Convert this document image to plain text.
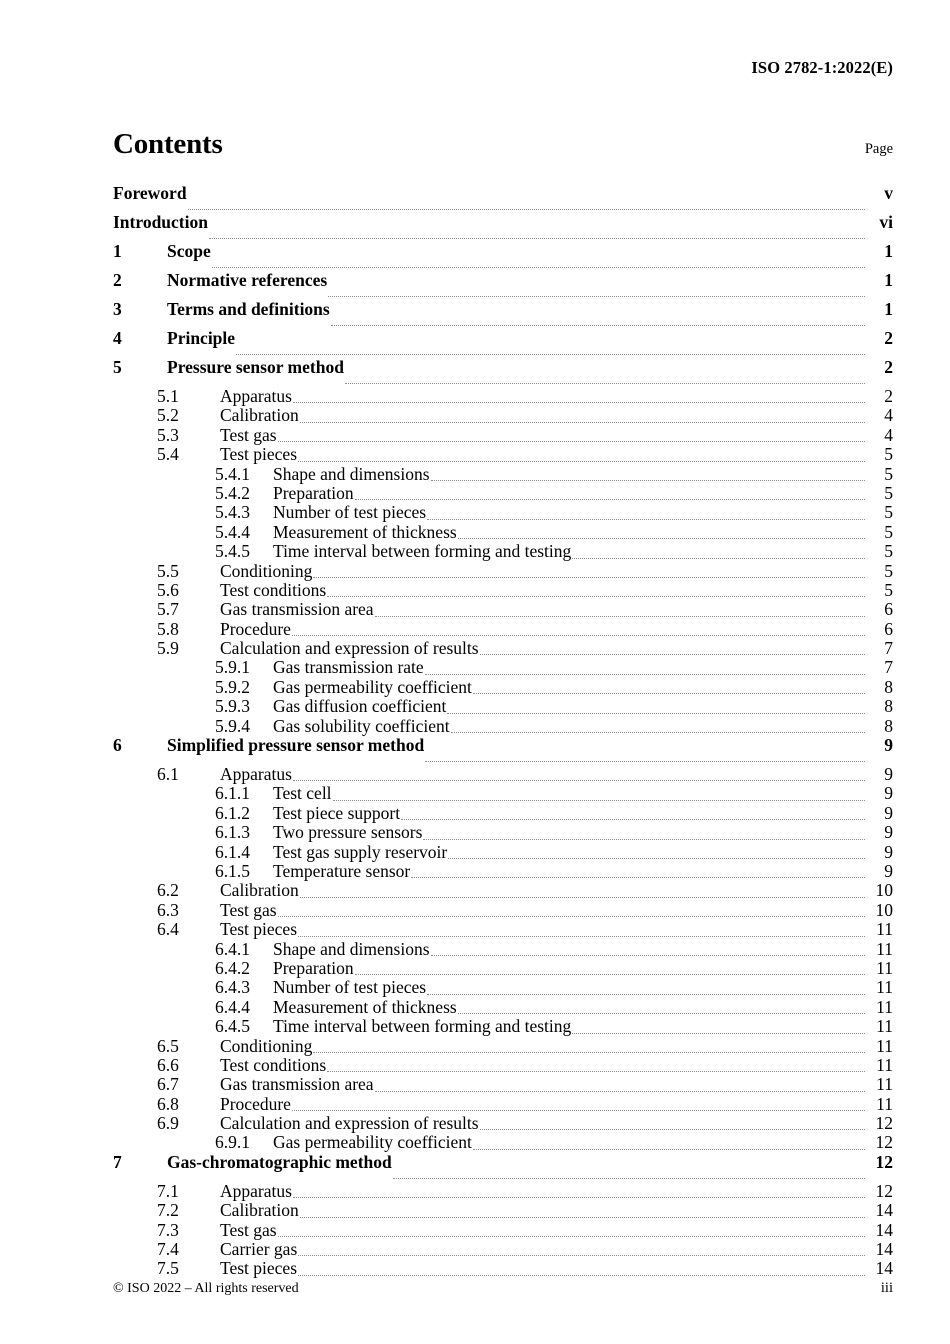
ISO 2782-1:2022(E)
Contents	Page
Foreword	v
Introduction	vi
1	Scope	1
2	Normative references	1
3	Terms and definitions	1
4	Principle	2
5	Pressure sensor method	2
5.1	Apparatus	2
5.2	Calibration	4
5.3	Test gas	4
5.4	Test pieces	5
5.4.1	Shape and dimensions	5
5.4.2	Preparation	5
5.4.3	Number of test pieces	5
5.4.4	Measurement of thickness	5
5.4.5	Time interval between forming and testing	5
5.5	Conditioning	5
5.6	Test conditions	5
5.7	Gas transmission area	6
5.8	Procedure	6
5.9	Calculation and expression of results	7
5.9.1	Gas transmission rate	7
5.9.2	Gas permeability coefficient	8
5.9.3	Gas diffusion coefficient	8
5.9.4	Gas solubility coefficient	8
6	Simplified pressure sensor method	9
6.1	Apparatus	9
6.1.1	Test cell	9
6.1.2	Test piece support	9
6.1.3	Two pressure sensors	9
6.1.4	Test gas supply reservoir	9
6.1.5	Temperature sensor	9
6.2	Calibration	10
6.3	Test gas	10
6.4	Test pieces	11
6.4.1	Shape and dimensions	11
6.4.2	Preparation	11
6.4.3	Number of test pieces	11
6.4.4	Measurement of thickness	11
6.4.5	Time interval between forming and testing	11
6.5	Conditioning	11
6.6	Test conditions	11
6.7	Gas transmission area	11
6.8	Procedure	11
6.9	Calculation and expression of results	12
6.9.1	Gas permeability coefficient	12
7	Gas-chromatographic method	12
7.1	Apparatus	12
7.2	Calibration	14
7.3	Test gas	14
7.4	Carrier gas	14
7.5	Test pieces	14
© ISO 2022 – All rights reserved	iii
